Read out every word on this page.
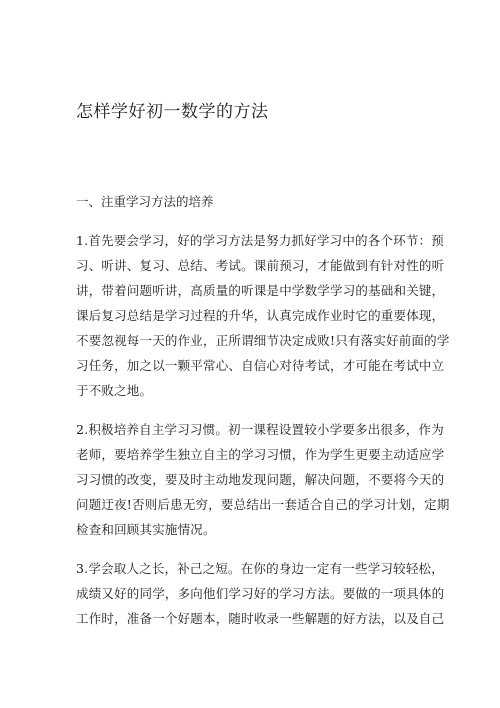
怎样学好初一数学的方法
一、注重学习方法的培养
1.首先要会学习，好的学习方法是努力抓好学习中的各个环节：预
习、听讲、复习、总结、考试。课前预习，才能做到有针对性的听
讲，带着问题听讲，高质量的听课是中学数学学习的基础和关键，
课后复习总结是学习过程的升华，认真完成作业时它的重要体现，
不要忽视每一天的作业，正所谓细节决定成败!只有落实好前面的学
习任务，加之以一颗平常心、自信心对待考试，才可能在考试中立
于不败之地。
2.积极培养自主学习习惯。初一课程设置较小学要多出很多，作为
老师，要培养学生独立自主的学习习惯，作为学生更要主动适应学
习习惯的改变，要及时主动地发现问题，解决问题，不要将今天的
问题迂夜!否则后患无穷，要总结出一套适合自己的学习计划，定期
检查和回顾其实施情况。
3.学会取人之长，补己之短。在你的身边一定有一些学习较轻松，
成绩又好的同学，多向他们学习好的学习方法。要做的一项具体的
工作时，准备一个好题本，随时收录一些解题的好方法，以及自己
